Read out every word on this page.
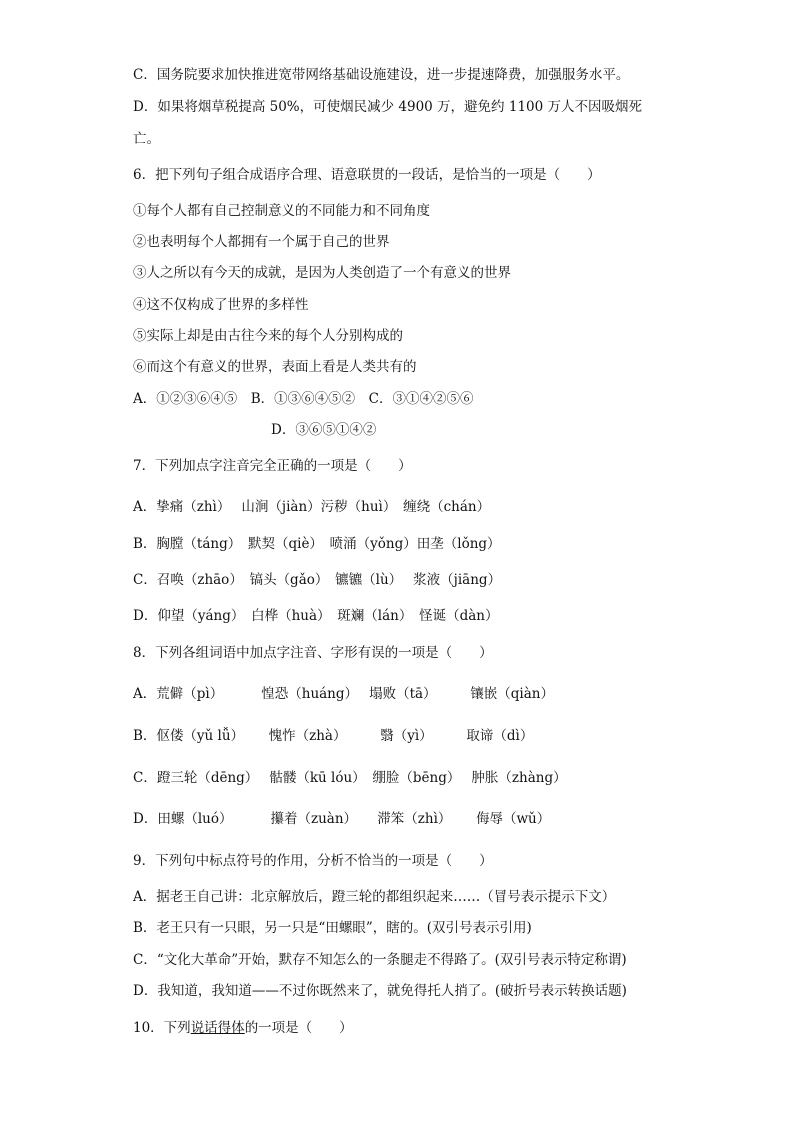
C．国务院要求加快推进宽带网络基础设施建设，进一步提速降费，加强服务水平。
D．如果将烟草税提高 50%，可使烟民减少 4900 万，避免约 1100 万人不因吸烟死
亡。
6．把下列句子组合成语序合理、语意联贯的一段话，是恰当的一项是（　　）
①每个人都有自己控制意义的不同能力和不同角度
②也表明每个人都拥有一个属于自己的世界
③人之所以有今天的成就，是因为人类创造了一个有意义的世界
④这不仅构成了世界的多样性
⑤实际上却是由古往今来的每个人分别构成的
⑥而这个有意义的世界，表面上看是人类共有的
A．①②③⑥④⑤　B．①③⑥④⑤②　C．③①④②⑤⑥
D．③⑥⑤①④②
7．下列加点字注音完全正确的一项是（　　）
A．挚痛（zhì）　 山涧（jiàn）污秽（huì）　缠绕（chán）
B．胸膛（táng）　默契（qiè）　喷涌（yǒng）田垄（lǒng）
C．召唤（zhāo）　镐头（gǎo）　镳镳（lù）　 浆液（jiāng）
D．仰望（yáng）　白桦（huà）　斑斓（lán）　怪诞（dàn）
8．下列各组词语中加点字注音、字形有误的一项是（　　）
A．荒僻（pì）　　　 惶恐（huáng）　 塌败（tā）　　　镶嵌（qiàn）
B．伛偻（yǔ lǚ）　　 愧怍（zhà）　　　翳（yì）　　　取谛（dì）
C．蹬三轮（dēng）　 骷髅（kū lóu）　绷脸（bēng）　 肿胀（zhàng）
D．田螺（luó）　　　 攥着（zuàn）　　滞笨（zhì）　　 侮辱（wǔ）
9．下列句中标点符号的作用，分析不恰当的一项是（　　）
A．据老王自己讲：北京解放后，蹬三轮的都组织起来……（冒号表示提示下文）
B．老王只有一只眼，另一只是“田螺眼”，瞎的。(双引号表示引用)
C．“文化大革命”开始，默存不知怎么的一条腿走不得路了。(双引号表示特定称谓)
D．我知道，我知道——不过你既然来了，就免得托人捎了。(破折号表示转换话题)
10．下列说话得体的一项是（　　）
